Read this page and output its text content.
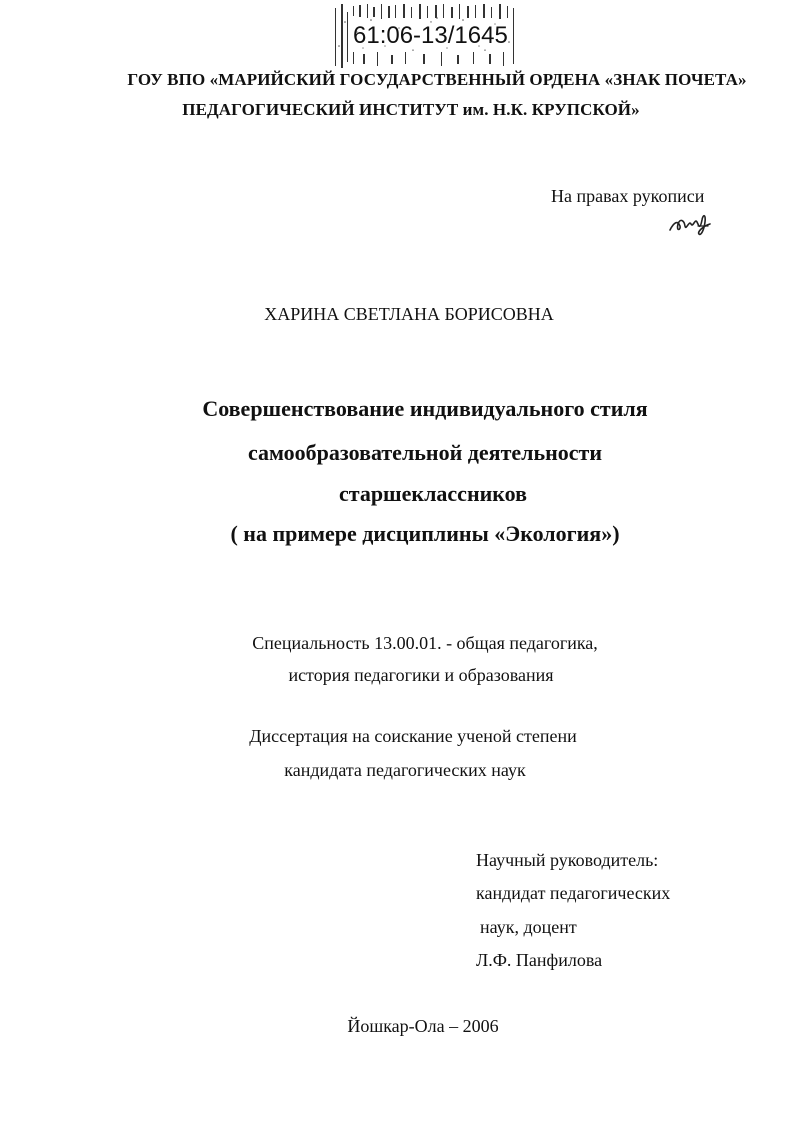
61:06-13/1645
ГОУ ВПО «МАРИЙСКИЙ ГОСУДАРСТВЕННЫЙ ОРДЕНА «ЗНАК ПОЧЕТА»
ПЕДАГОГИЧЕСКИЙ ИНСТИТУТ им. Н.К. КРУПСКОЙ»
На правах рукописи
ХАРИНА СВЕТЛАНА БОРИСОВНА
Совершенствование индивидуального стиля
самообразовательной деятельности
старшеклассников
( на примере дисциплины «Экология»)
Специальность 13.00.01. - общая педагогика,
история педагогики и образования
Диссертация на соискание ученой степени
кандидата педагогических наук
Научный руководитель:
кандидат педагогических
наук, доцент
Л.Ф. Панфилова
Йошкар-Ола – 2006
